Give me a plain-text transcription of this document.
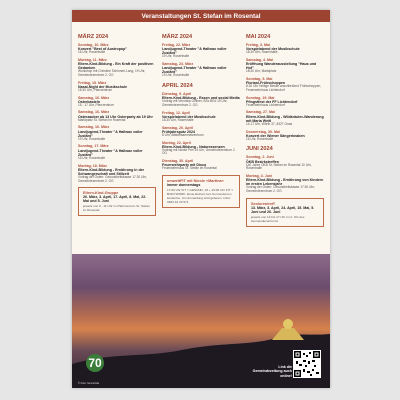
Veranstaltungen St. Stefan im Rosental
MÄRZ 2024
Sonntag, 10. März
Konzert "Best of Austropop"
16 Uhr, Rosenhalle
Montag, 11. März
Eltern-Kind-Bildung - Ein Kraft der positiven Gedanken
Workshop mit Christine Schinnerl-Lang, 19 Uhr, Gemeindezentrum 2. OG
Freitag, 15. März
Nasal-Night der Musikschule
18.30 Uhr, Pfarrzentrum
Samstag, 16. März
Osterbasteln
15 - 17 Uhr, Pfarrzentrum
Samstag, 16. März
Osterzauber ab 13 Uhr Osterparty ab 19 Uhr
Marktplatz St. Stefan im Rosental
Samstag, 16. März
Landjugend-Theater "A Hallwax voller Zustänt"
19 Uhr, Rosenhalle
Sonntag, 17. März
Landjugend-Theater "A Hallwax voller Zustänt"
15 Uhr, Rosenhalle
Montag, 18. März
Eltern-Kind-Bildung - Ernährung in der Schwangerschaft und Stillzeit
Vortrag der Österr. Gesundheitskasse 17.30 Uhr, Gemeindezentrum 2. OG
Eltern-Kind-Gruppe
26. März, 3. April, 17. April, 8. Mai, 22. Mai und 5. Juni
jeweils von 9 - 11 Uhr im Pfarrzentrum St. Stefan im Rosental
MÄRZ 2024
Freitag, 22. März
Landjugend-Theater "A Hallwax voller Zustänt"
19 Uhr, Rosenhalle
Samstag, 23. März
Landjugend-Theater "A Hallwax voller Zustänt"
19 Uhr, Rosenhalle
APRIL 2024
Dienstag, 9. April
Eltern-Kind-Bildung - Essen und social Media
Vortrag mit Veronika Gollner, BSc BEd 19 Uhr, Gemeindezentrum 2. OG
Freitag, 12. April
Vorspielabend der Musikschule
18.30 Uhr, Rosenhalle
Samstag, 20. April
Frühjahrsputz 2024
8 Uhr, Altstoffsammelzentrum
Montag, 22. April
Eltern-Kind-Bildung - Naturessenzen
Vortrag mit Nicole Prei 19 Uhr, Gemeindezentrum 2. OG
Dienstag, 30. April
Feuerwehrparty mit Disco
Feuerwehrhaus St. Stefan im Rosental
umweltFIT mit Nicole »Martina«
immer donnerstags
17:00 Uhr FIT = GESUND, 18 + 19:00 Uhr FIT = BODYWORK. Erste Einheit zum Kennenlernen kostenlos. Um Anmeldung wird gebeten. Infos: 0664 42 30 571
MAI 2024
Freitag, 3. Mai
Vorspielabend der Musikschule
18.30 Uhr, Rosenhalle
Samstag, 4. Mai
Eröffnung Wanderausstellung "Haus und Hof"
18:30 Uhr, Marktplatz
Sonntag, 5. Mai
Florianl-Frühschoppen
8.30 Uhr Heilige Messe anschließend Frühschoppen, Feuerwehrhaus Lichtendorf
Sonntag, 19. Mai
Pfingstfest der FF Lichtendorf
Feuerwehrhaus Lichtendorf
Samstag, 27. Mai
Eltern-Kind-Bildung - Wildkräuter-Wanderung mit Maria Weitl
14-17 Uhr, Wörth 37, 8327 Gnas
Donnerstag, 30. Mai
Konzert der Wiener Sängerknaben
16 Uhr, Rosenhalle
JUNI 2024
Sonntag, 2. Juni
ÖKB Bezirkstreffen
140 Jahre ÖKB St. Stefan im Rosental 10 Uhr, Rosenhalle
Montag, 3. Juni
Eltern-Kind-Bildung - Ernährung von Kindern im ersten Lebensjahr
Vortrag der Österr. Gesundheitskasse 17:30 Uhr, Gemeindezentrum 2. OG
Seniorentreff
13. März, 3. April, 24. April, 15. Mai, 5. Juni und 26. Juni
jeweils von 14 bis 17 Uhr im 2. OG des Gemeindezentrums
70	Link die Gemeindezeitung auch online!
© Foto: Gemeinde
